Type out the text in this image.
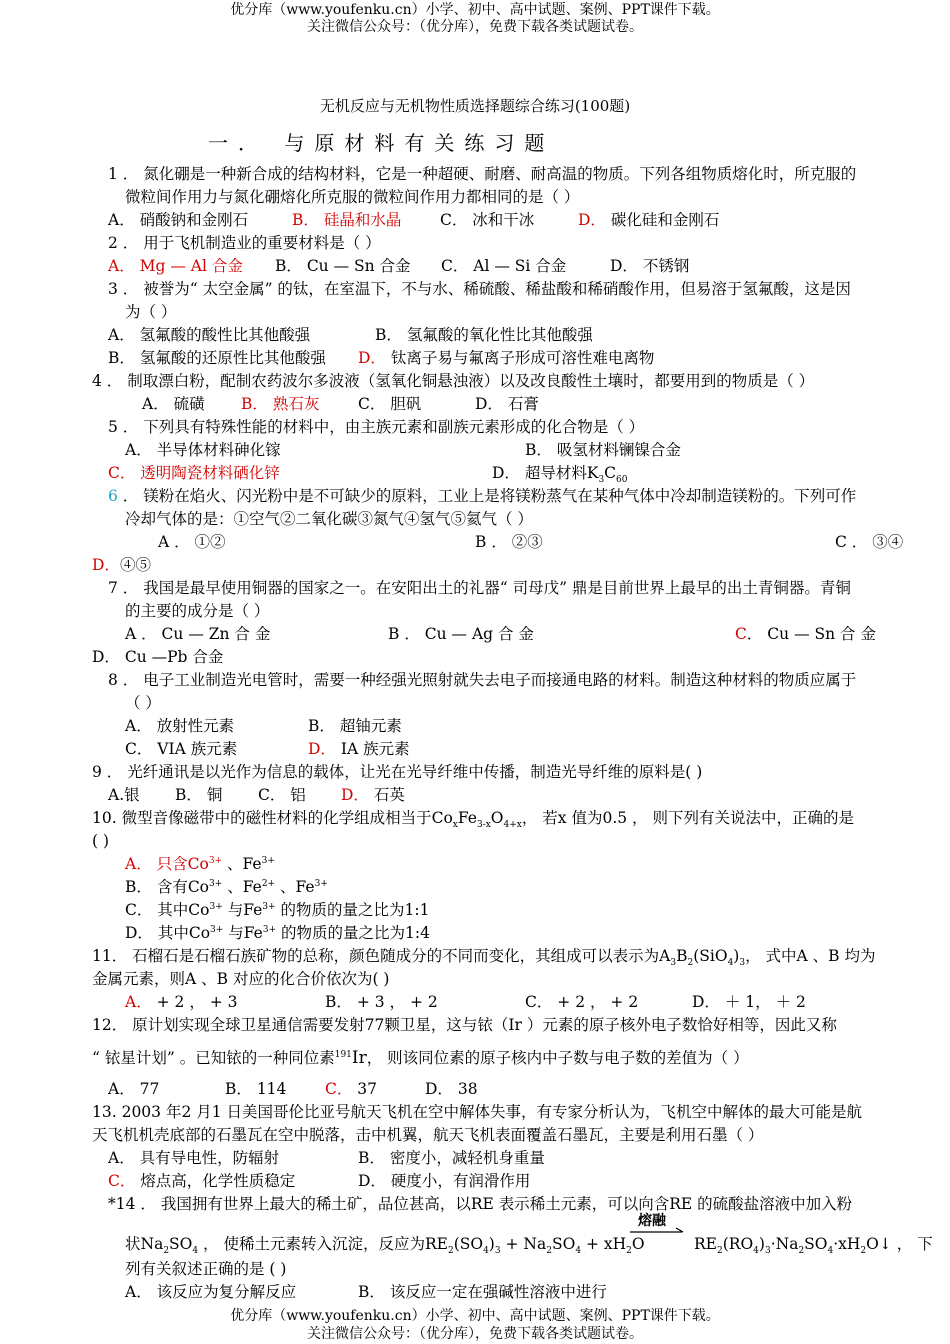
优分库（www.youfenku.cn）小学、初中、高中试题、案例、PPT课件下载。
关注微信公众号：（优分库），免费下载各类试题试卷。
无机反应与无机物性质选择题综合练习(100题)
一． 与原材料有关练习题
1 ． 氮化硼是一种新合成的结构材料，它是一种超硬、耐磨、耐高温的物质。下列各组物质熔化时，所克服的
微粒间作用力与氮化硼熔化所克服的微粒间作用力都相同的是（ ）
A． 硝酸钠和金刚石	B． 硅晶和水晶 C． 冰和干冰	D． 碳化硅和金刚石
2 ． 用于飞机制造业的重要材料是（ ）
A． Mg — Al 合金 B． Cu — Sn 合金 C． Al — Si 合金	D． 不锈钢
3 ． 被誉为“ 太空金属” 的钛，在室温下，不与水、稀硫酸、稀盐酸和稀硝酸作用，但易溶于氢氟酸，这是因
为（ ）
A． 氢氟酸的酸性比其他酸强	B． 氢氟酸的氧化性比其他酸强
B． 氢氟酸的还原性比其他酸强 D． 钛离子易与氟离子形成可溶性难电离物
4 ． 制取漂白粉，配制农药波尔多波液（氢氧化铜悬浊液）以及改良酸性土壤时，都要用到的物质是（ ）
A． 硫磺 B． 熟石灰 C． 胆矾	D． 石膏
5 ． 下列具有特殊性能的材料中，由主族元素和副族元素形成的化合物是（ ）
A． 半导体材料砷化镓	B． 吸氢材料镧镍合金
C． 透明陶瓷材料硒化锌	D． 超导材料$K_3C_{60}$
6 ． 镁粉在焰火、闪光粉中是不可缺少的原料，工业上是将镁粉蒸气在某种气体中冷却制造镁粉的。下列可作
冷却气体的是：①空气②二氧化碳③氮气④氢气⑤氦气（ ）
A ． ①②	B ． ②③	C ． ③④
D．④⑤
7 ． 我国是最早使用铜器的国家之一。在安阳出土的礼器“ 司母戊” 鼎是目前世界上最早的出土青铜器。青铜
的主要的成分是（ ）
A ． Cu — Zn 合 金	B ． Cu — Ag 合 金	C． Cu — Sn 合 金
D． Cu —Pb 合金
8 ． 电子工业制造光电管时，需要一种经强光照射就失去电子而接通电路的材料。制造这种材料的物质应属于
（ ）
A． 放射性元素	B． 超铀元素
C． VIA 族元素	D． IA 族元素
9 ． 光纤通讯是以光作为信息的载体，让光在光导纤维中传播，制造光导纤维的原料是( )
A.银 B． 铜 C． 铝 D． 石英
10. 微型音像磁带中的磁性材料的化学组成相当于$Co_xFe_{3-x}O_{4+x}$， 若x 值为0.5 ， 则下列有关说法中，正确的是
( )
A． 只含$Co^{3+}$ 、$Fe^{3+}$
B． 含有$Co^{3+}$ 、$Fe^{2+}$ 、$Fe^{3+}$
C． 其中$Co^{3+}$ 与$Fe^{3+}$ 的物质的量之比为1:1
D． 其中$Co^{3+}$ 与$Fe^{3+}$ 的物质的量之比为1:4
11． 石榴石是石榴石族矿物的总称，颜色随成分的不同而变化，其组成可以表示为$A_3B_2(SiO_4)_3$， 式中A 、B 均为
金属元素，则A 、B 对应的化合价依次为( )
A． + 2 ， + 3	B． + 3 ， + 2	C． + 2 ， + 2	D． ＋ 1， ＋ 2
12． 原计划实现全球卫星通信需要发射77颗卫星，这与铱（Ir ）元素的原子核外电子数恰好相等，因此又称
“ 铱星计划” 。已知铱的一种同位素$^{191}$Ir， 则该同位素的原子核内中子数与电子数的差值为（ ）
A． 77	B． 114 C． 37	D． 38
13. 2003 年2 月1 日美国哥伦比亚号航天飞机在空中解体失事，有专家分析认为，飞机空中解体的最大可能是航
天飞机机壳底部的石墨瓦在空中脱落，击中机翼，航天飞机表面覆盖石墨瓦，主要是利用石墨（ ）
A． 具有导电性，防辐射	B． 密度小，减轻机身重量
C． 熔点高，化学性质稳定	D． 硬度小，有润滑作用
*14 ． 我国拥有世界上最大的稀土矿，品位甚高，以RE 表示稀土元素，可以向含RE 的硫酸盐溶液中加入粉
状$Na_2SO_4$ ， 使稀土元素转入沉淀，反应为$RE_2(SO_4)_3 + Na_2SO_4 + xH_2O$
熔融
$RE_2(RO_4)_3\cdot Na_2SO_4\cdot xH_2O↓$ ， 下
列有关叙述正确的是 ( )
A． 该反应为复分解反应	B． 该反应一定在强碱性溶液中进行
优分库（www.youfenku.cn）小学、初中、高中试题、案例、PPT课件下载。
关注微信公众号：（优分库），免费下载各类试题试卷。
